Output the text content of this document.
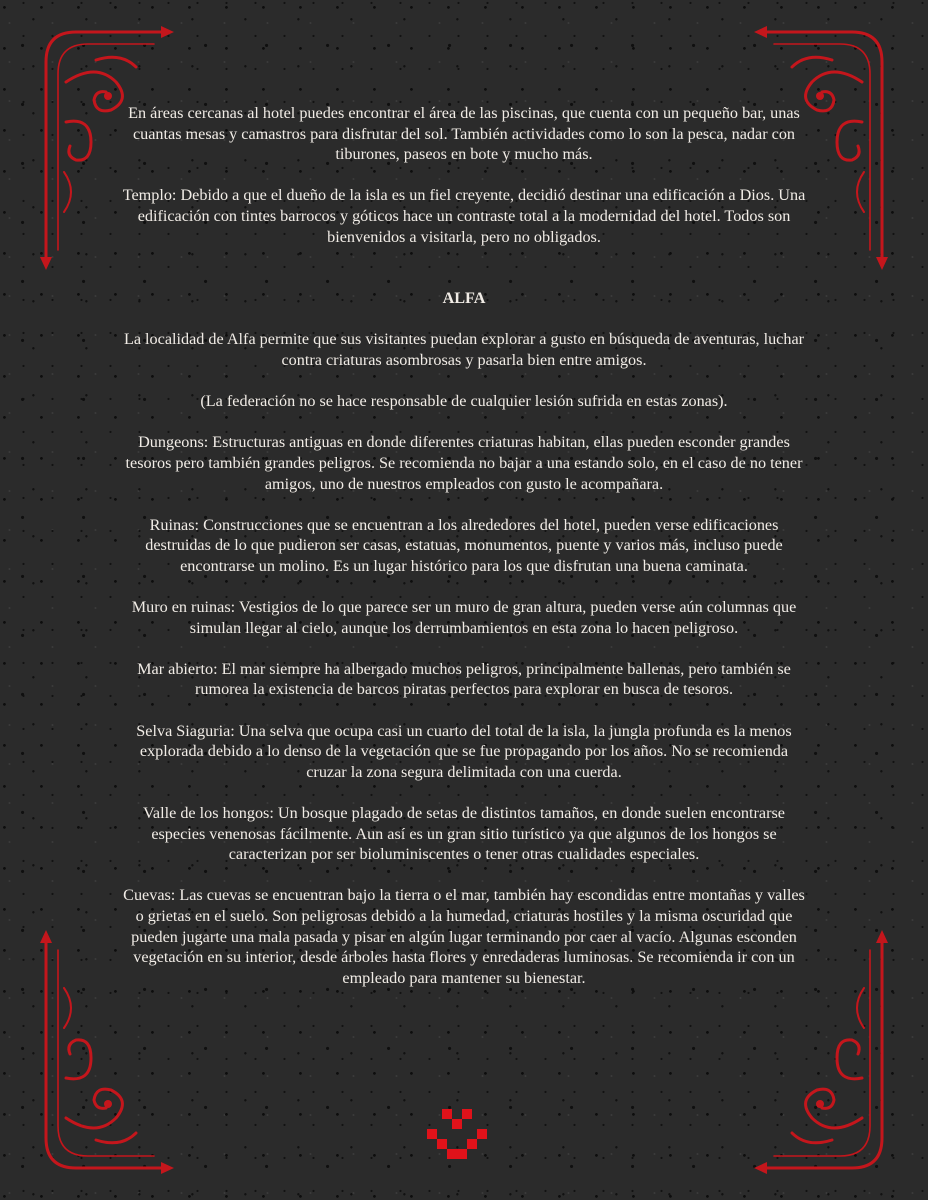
En áreas cercanas al hotel puedes encontrar el área de las piscinas, que cuenta con un pequeño bar, unas cuantas mesas y camastros para disfrutar del sol. También actividades como lo son la pesca, nadar con tiburones, paseos en bote y mucho más.

Templo: Debido a que el dueño de la isla es un fiel creyente, decidió destinar una edificación a Dios. Una edificación con tintes barrocos y góticos hace un contraste total a la modernidad del hotel. Todos son bienvenidos a visitarla, pero no obligados.

ALFA

La localidad de Alfa permite que sus visitantes puedan explorar a gusto en búsqueda de aventuras, luchar contra criaturas asombrosas y pasarla bien entre amigos.

(La federación no se hace responsable de cualquier lesión sufrida en estas zonas).

Dungeons: Estructuras antiguas en donde diferentes criaturas habitan, ellas pueden esconder grandes tesoros pero también grandes peligros. Se recomienda no bajar a una estando solo, en el caso de no tener amigos, uno de nuestros empleados con gusto le acompañara.

Ruinas: Construcciones que se encuentran a los alrededores del hotel, pueden verse edificaciones destruidas de lo que pudieron ser casas, estatuas, monumentos, puente y varios más, incluso puede encontrarse un molino. Es un lugar histórico para los que disfrutan una buena caminata.

Muro en ruinas: Vestigios de lo que parece ser un muro de gran altura, pueden verse aún columnas que simulan llegar al cielo, aunque los derrumbamientos en esta zona lo hacen peligroso.

Mar abierto: El mar siempre ha albergado muchos peligros, principalmente ballenas, pero también se rumorea la existencia de barcos piratas perfectos para explorar en busca de tesoros.

Selva Siaguria: Una selva que ocupa casi un cuarto del total de la isla, la jungla profunda es la menos explorada debido a lo denso de la vegetación que se fue propagando por los años. No se recomienda cruzar la zona segura delimitada con una cuerda.

Valle de los hongos: Un bosque plagado de setas de distintos tamaños, en donde suelen encontrarse especies venenosas fácilmente. Aun así es un gran sitio turístico ya que algunos de los hongos se caracterizan por ser bioluminiscentes o tener otras cualidades especiales.

Cuevas: Las cuevas se encuentran bajo la tierra o el mar, también hay escondidas entre montañas y valles o grietas en el suelo. Son peligrosas debido a la humedad, criaturas hostiles y la misma oscuridad que pueden jugarte una mala pasada y pisar en algún lugar terminando por caer al vacío. Algunas esconden vegetación en su interior, desde árboles hasta flores y enredaderas luminosas. Se recomienda ir con un empleado para mantener su bienestar.
